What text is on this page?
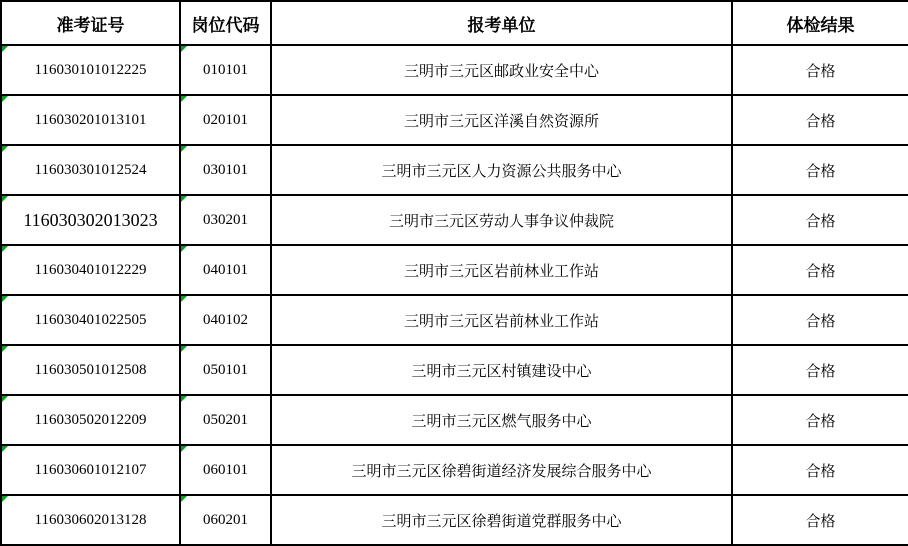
准考证号	岗位代码	报考单位	体检结果

116030101012225	010101	三明市三元区邮政业安全中心	合格

116030201013101	020101	三明市三元区洋溪自然资源所	合格

116030301012524	030101	三明市三元区人力资源公共服务中心	合格

116030302013023	030201	三明市三元区劳动人事争议仲裁院	合格

116030401012229	040101	三明市三元区岩前林业工作站	合格

116030401022505	040102	三明市三元区岩前林业工作站	合格

116030501012508	050101	三明市三元区村镇建设中心	合格

116030502012209	050201	三明市三元区燃气服务中心	合格

116030601012107	060101	三明市三元区徐碧街道经济发展综合服务中心	合格

116030602013128	060201	三明市三元区徐碧街道党群服务中心	合格
